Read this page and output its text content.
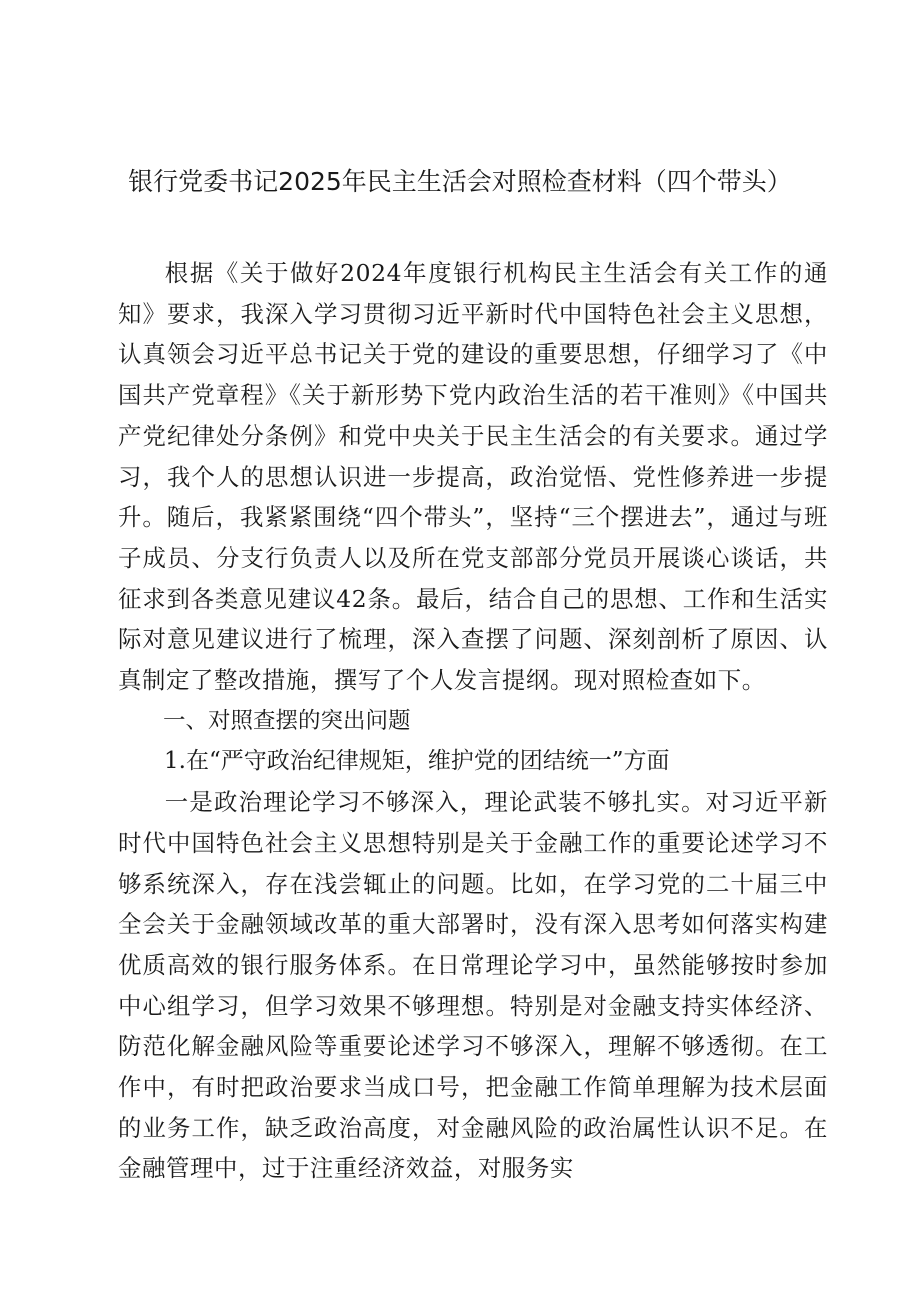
银行党委书记2025年民主生活会对照检查材料（四个带头）

根据《关于做好2024年度银行机构民主生活会有关工作的通知》要求，我深入学习贯彻习近平新时代中国特色社会主义思想，认真领会习近平总书记关于党的建设的重要思想，仔细学习了《中国共产党章程》《关于新形势下党内政治生活的若干准则》《中国共产党纪律处分条例》和党中央关于民主生活会的有关要求。通过学习，我个人的思想认识进一步提高，政治觉悟、党性修养进一步提升。随后，我紧紧围绕“四个带头”，坚持“三个摆进去”，通过与班子成员、分支行负责人以及所在党支部部分党员开展谈心谈话，共征求到各类意见建议42条。最后，结合自己的思想、工作和生活实际对意见建议进行了梳理，深入查摆了问题、深刻剖析了原因、认真制定了整改措施，撰写了个人发言提纲。现对照检查如下。

一、对照查摆的突出问题

1.在“严守政治纪律规矩，维护党的团结统一”方面

一是政治理论学习不够深入，理论武装不够扎实。对习近平新时代中国特色社会主义思想特别是关于金融工作的重要论述学习不够系统深入，存在浅尝辄止的问题。比如，在学习党的二十届三中全会关于金融领域改革的重大部署时，没有深入思考如何落实构建优质高效的银行服务体系。在日常理论学习中，虽然能够按时参加中心组学习，但学习效果不够理想。特别是对金融支持实体经济、防范化解金融风险等重要论述学习不够深入，理解不够透彻。在工作中，有时把政治要求当成口号，把金融工作简单理解为技术层面的业务工作，缺乏政治高度，对金融风险的政治属性认识不足。在金融管理中，过于注重经济效益，对服务实
